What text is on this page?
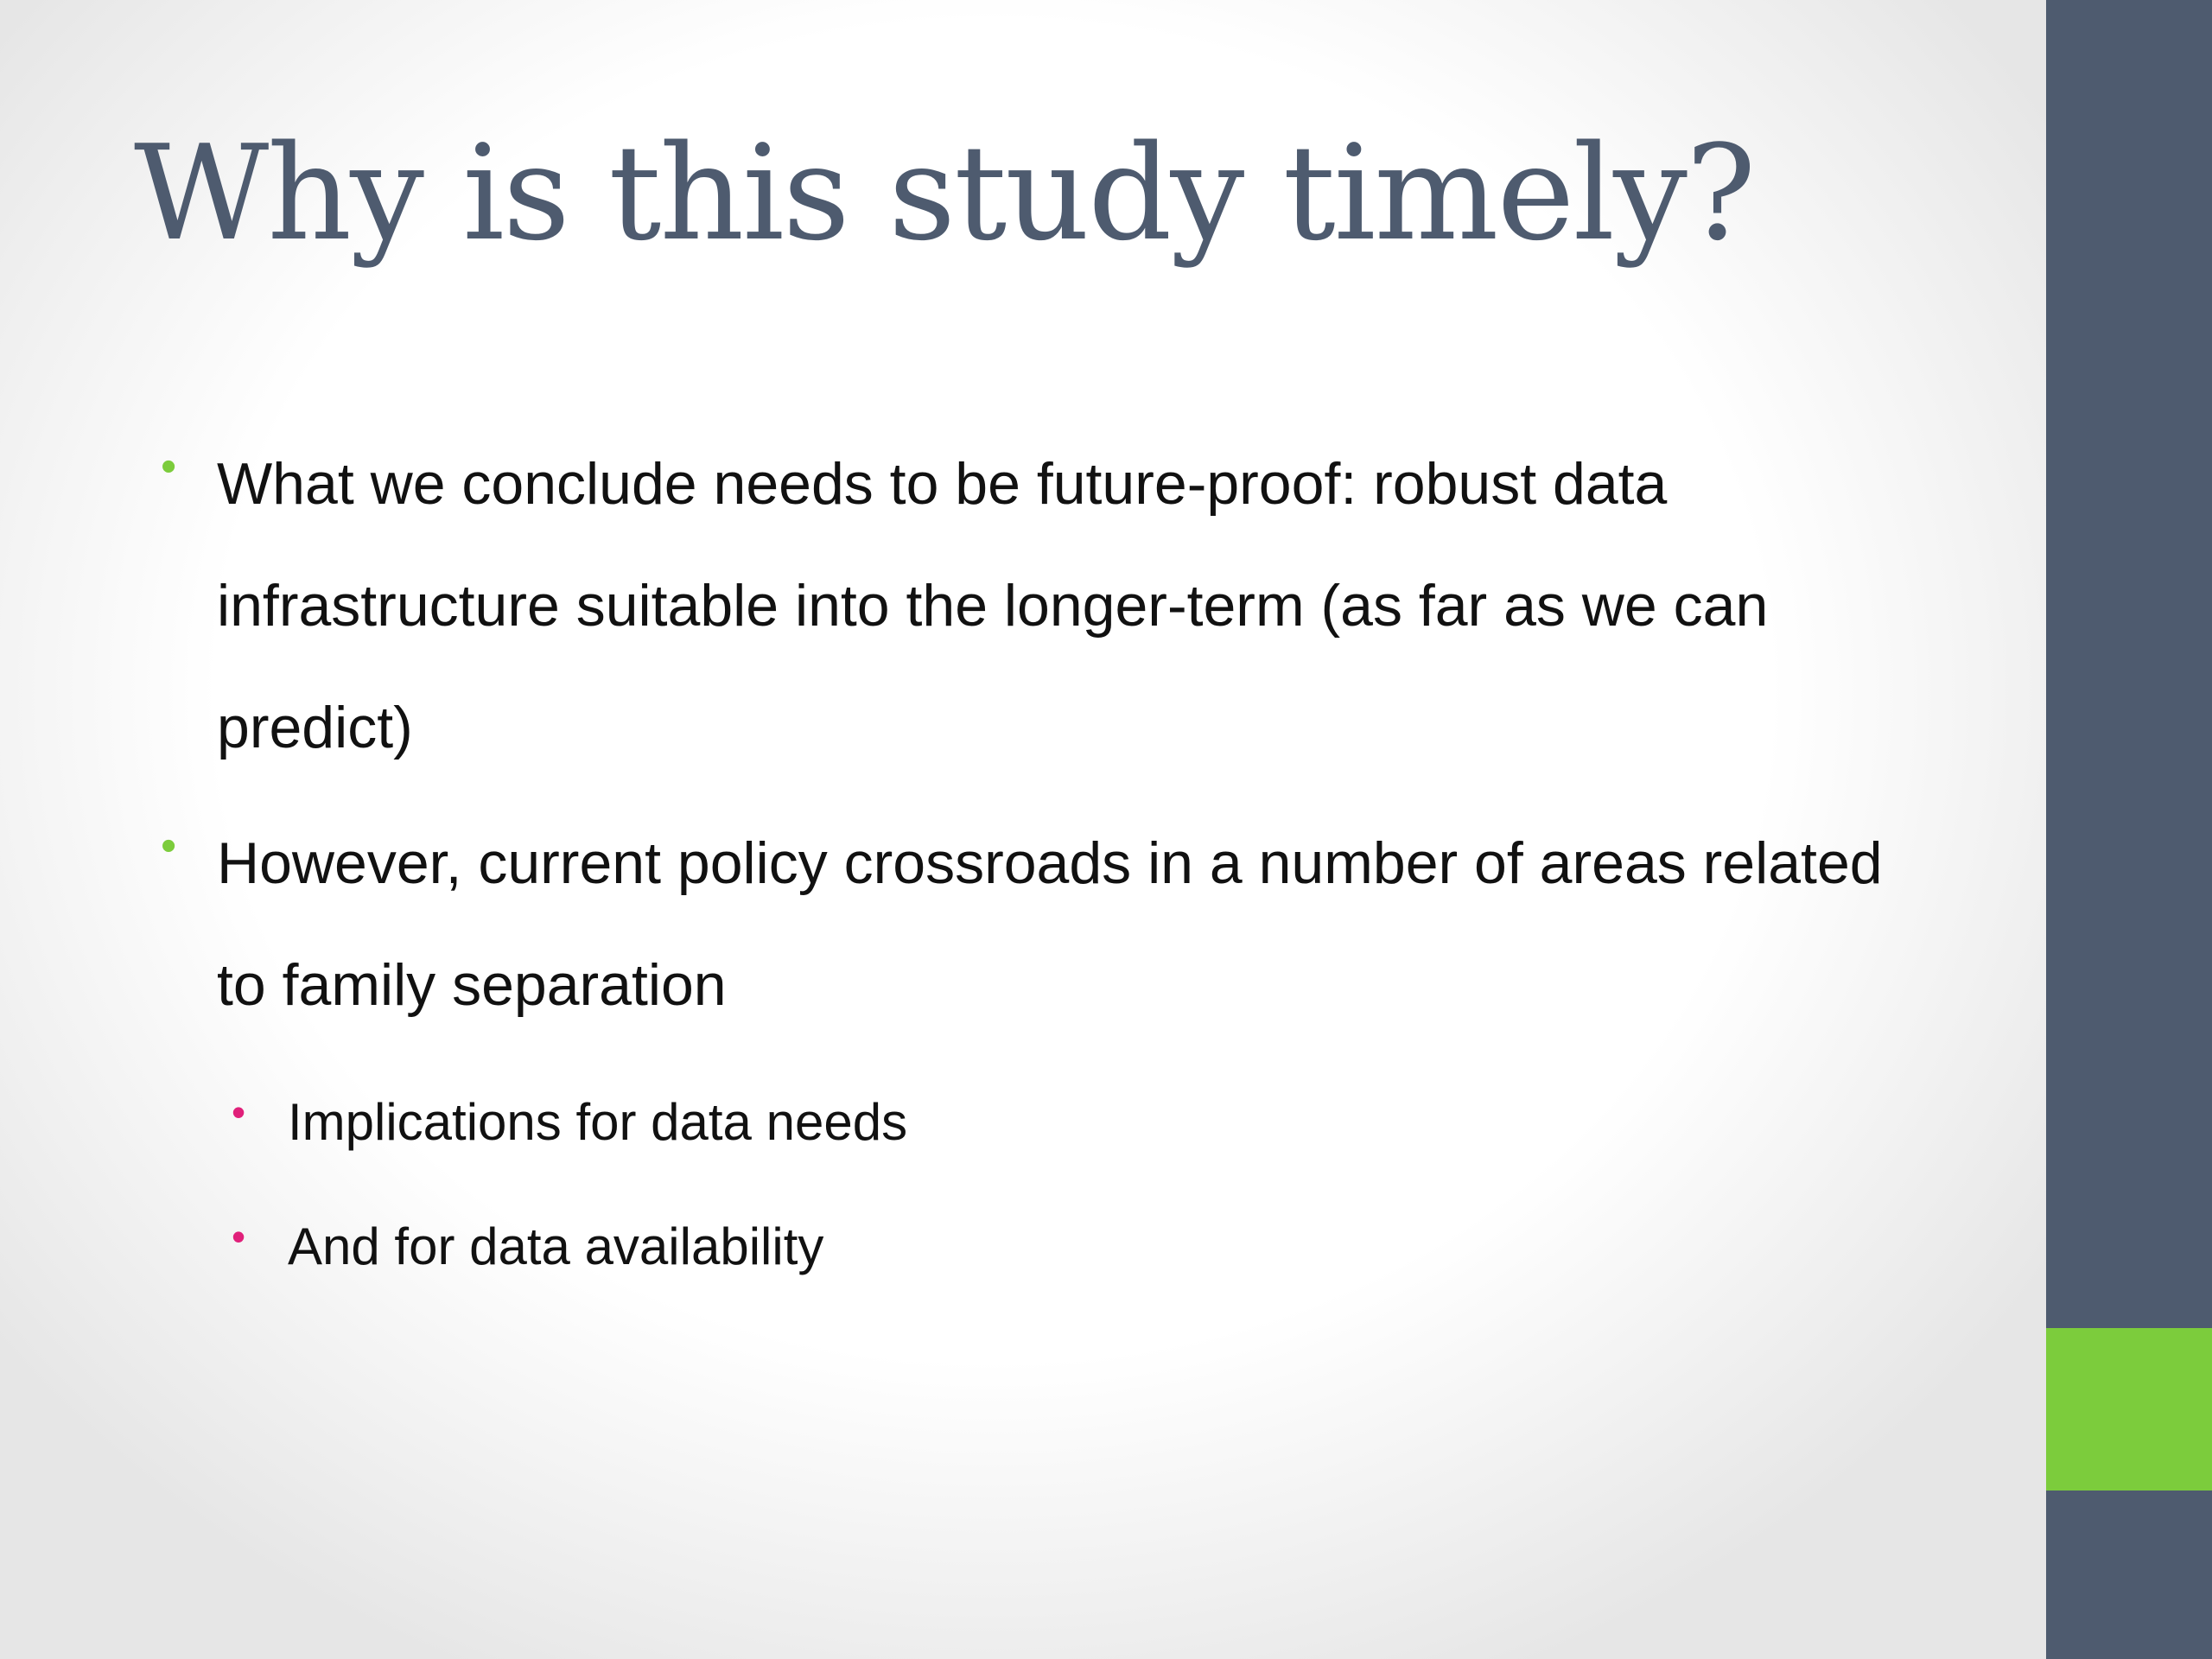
Why is this study timely?
• What we conclude needs to be future-proof: robust data infrastructure suitable into the longer-term (as far as we can predict)
• However, current policy crossroads in a number of areas related to family separation
• Implications for data needs
• And for data availability
